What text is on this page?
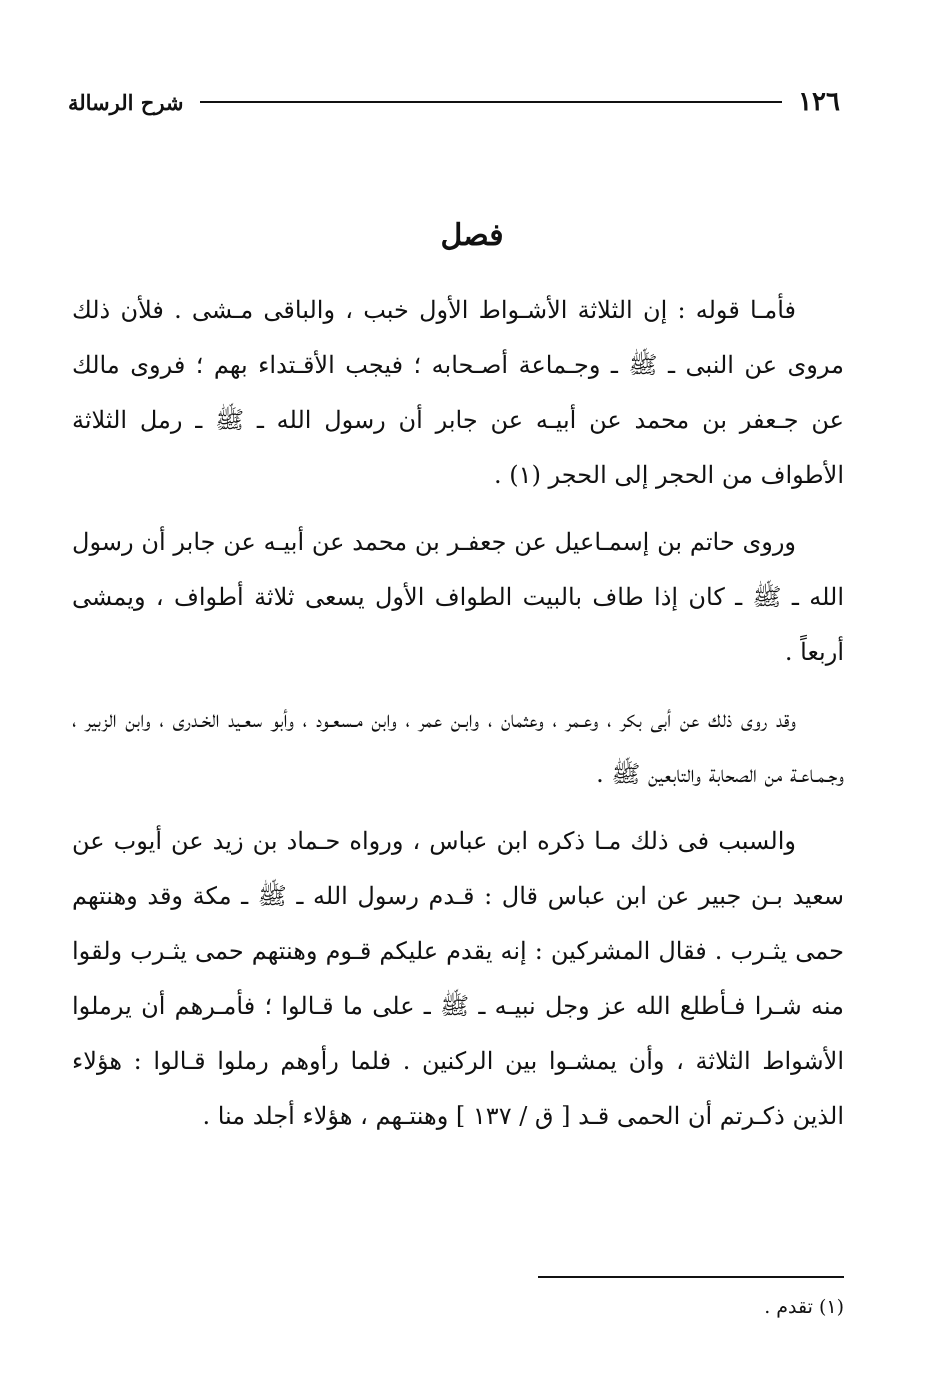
١٢٦
شرح الرسالة
فصل

فأمـا قوله : إن الثلاثة الأشـواط الأول خبب ، والباقى مـشى . فلأن ذلك مروى عن النبى ـ ﷺ ـ وجـماعة أصـحابه ؛ فيجب الأقـتداء بهم ؛ فروى مالك عن جـعفر بن محمد عن أبيـه عن جابر أن رسول الله ـ ﷺ ـ رمل الثلاثة الأطواف من الحجر إلى الحجر (١) .

وروى حاتم بن إسمـاعيل عن جعفـر بن محمد عن أبيـه عن جابر أن رسول الله ـ ﷺ ـ كان إذا طاف بالبيت الطواف الأول يسعى ثلاثة أطواف ، ويمشى أربعاً .

وقد روى ذلك عن أبى بكر ، وعـمر ، وعثمان ، وابـن عمر ، وابن مـسعـود ، وأبو سعـيد الخـدرى ، وابن الزبير ، وجـمـاعـة من الصحابة والتابعين ﷺ .

والسبب فى ذلك مـا ذكره ابن عباس ، ورواه حـماد بن زيد عن أيوب عن سعيد بـن جبير عن ابن عباس قال : قـدم رسول الله ـ ﷺ ـ مكة وقد وهنتهم حمى يثـرب . فقال المشركين : إنه يقدم عليكم قـوم وهنتهم حمى يثـرب ولقوا منه شـرا فـأطلع الله عز وجل نبيـه ـ ﷺ ـ على ما قـالوا ؛ فأمـرهم أن يرملوا الأشواط الثلاثة ، وأن يمشـوا بين الركنين . فلما رأوهم رملوا قـالوا : هؤلاء الذين ذكـرتم أن الحمى قـد [ ق / ١٣٧ ] وهنتـهم ، هؤلاء أجلد منا .

(١) تقدم .
